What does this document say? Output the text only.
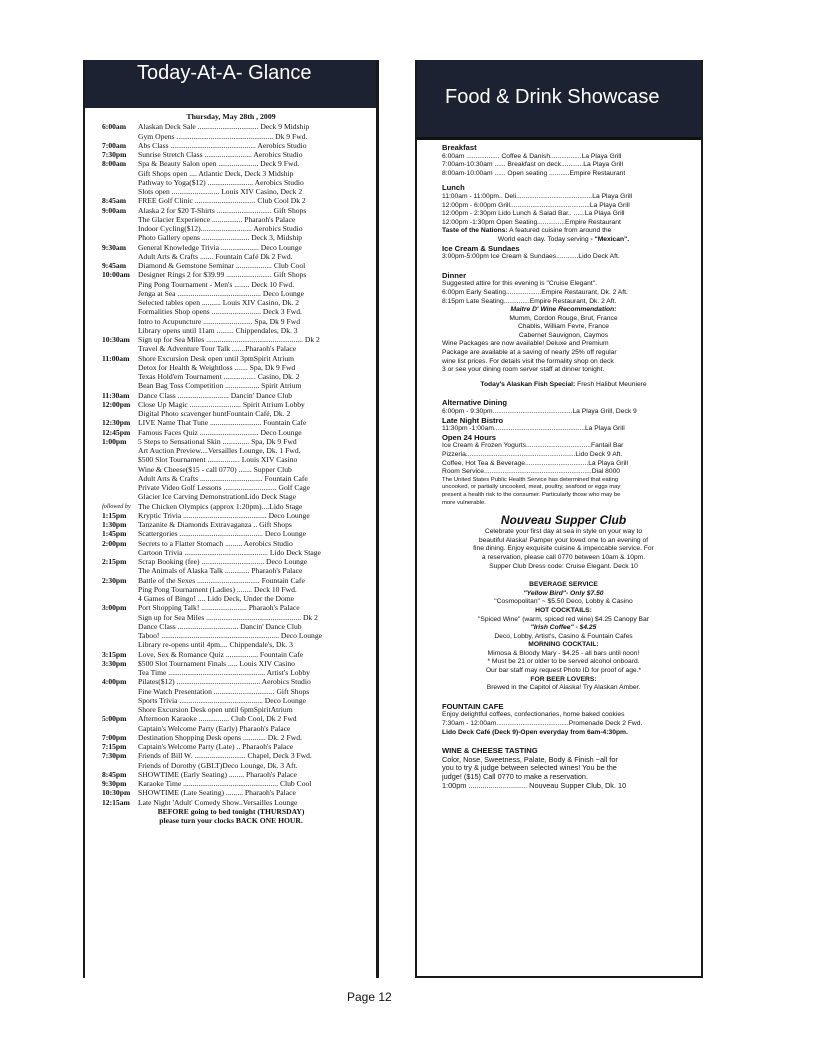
Today-At-A- Glance
Thursday, May 28th , 2009
6:00am	Alaskan Deck Sale ................................ Deck 9 Midship
Gym Opens ................................................... Dk 9 Fwd.
7:00am	Abs Class ............................................. Aerobics Studio
7:30pm	Sunrise Stretch Class ......................... Aerobics Studio
8:00am	Spa & Beauty Salon open ..................... Deck 9 Fwd.
Gift Shops open .... Atlantic Deck, Deck 3 Midship
Pathway to Yoga($12) ........................ Aerobics Studio
Slots open ......................... Louis XIV Casino, Deck 2
8:45am	FREE Golf Clinic ................................ Club Cool Dk 2
9:00am	Alaska 2 for $20 T-Shirts ............................. Gift Shops
The Glacier Experience ................ Pharaoh's Palace
Indoor Cycling($12)........................... Aerobics Studio
Photo Gallery opens ......................... Deck 3, Midship
9:30am	General Knowledge Trivia .................... Deco Lounge
Adult Arts & Crafts ....... Fountain Café Dk 2 Fwd.
9:45am	Diamond & Gemstone Seminar ................... Club Cool
10:00am	Designer Rings 2 for $39.99 ........................ Gift Shops
Ping Pong Tournament - Men's ........ Deck 10 Fwd.
Jenga at Sea ............................................ Deco Lounge
Selected tables open .......... Louis XIV Casino, Dk. 2
Formalities Shop opens .......................... Deck 3 Fwd.
Intro to Acupuncture .......................... Spa, Dk 9 Fwd
Library opens until 11am ......... Chippendales, Dk. 3
10:30am	Sign up for Sea Miles ................................................... Dk 2
Travel & Adventure Tour Talk .......Pharaoh's Palace
11:00am	Shore Excursion Desk open until 3pmSpirit Atrium
Detox for Health & Weightloss ....... Spa, Dk 9 Fwd
Texas Hold'em Tournament ................. Casino, Dk. 2
Bean Bag Toss Competition .................. Spirit Atrium
11:30am	Dance Class ........................... Dancin' Dance Club
12:00pm	Close Up Magic ........................... Spirit Atrium Lobby
Digital Photo scavenger huntFountain Café, Dk. 2
12:30pm	LIVE Name That Tune ........................... Fountain Cafe
12:45pm	Famous Faces Quiz ............................... Deco Lounge
1:00pm	5 Steps to Sensational Skin .............. Spa, Dk 9 Fwd
Art Auction Preview....Versailles Lounge, Dk. 1 Fwd.
$500 Slot Tournament ................. Louis XIV Casino
Wine & Cheese($15 - call 0770) ....... Supper Club
Adult Arts & Crafts ................................. Fountain Cafe
Private Video Golf Lessons ............................ Golf Cage
Glacier Ice Carving DemonstrationLido Deck Stage
followed by The Chicken Olympics (approx 1:20pm)....Lido Stage
1:15pm	Kryptic Trivia ............................................ Deco Lounge
1:30pm	Tanzanite & Diamonds Extravaganza .. Gift Shops
1:45pm	Scattergories ............................................ Deco Lounge
2:00pm	Secrets to a Flatter Stomach ......... Aerobics Studio
Cartoon Trivia ............................................ Lido Deck Stage
2:15pm	Scrap Booking (fee) ................................. Deco Lounge
The Animals of Alaska Talk ............. Pharaoh's Palace
2:30pm	Battle of the Sexes ................................. Fountain Cafe
Ping Pong Tournament (Ladies) ........ Deck 10 Fwd.
4 Games of Bingo! .... Lido Deck, Under the Dome
3:00pm	Port Shopping Talk! ........................ Pharaoh's Palace
Sign up for Sea Miles .................................................. Dk 2
Dance Class ................................ Dancin' Dance Club
Taboo! .............................................................. Deco Lounge
Library re-opens until 4pm.... Chippendale's, Dk. 3
3:15pm	Love, Sex & Romance Quiz ................. Fountain Cafe
3:30pm	$500 Slot Tournament Finals ..... Louis XIV Casino
Tea Time ................................................... Artist's Lobby
4:00pm	Pilates($12) ............................................ Aerobics Studio
Fine Watch Presentation ................................ Gift Shops
Sports Trivia ............................................ Deco Lounge
Shore Excursion Desk open until 6pmSpiritAtrium
5:00pm	Afternoon Karaoke ................ Club Cool, Dk 2 Fwd
Captain's Welcome Party (Early) Pharaoh's Palace
7:00pm	Destination Shopping Desk opens ............ Dk. 2 Fwd.
7:15pm	Captain's Welcome Party (Late) .. Pharaoh's Palace
7:30pm	Friends of Bill W. ........................... Chapel, Deck 3 Fwd.
Friends of Dorothy (GBLT)Deco Lounge, Dk. 3 Aft.
8:45pm	SHOWTIME (Early Seating) ........ Pharaoh's Palace
9:30pm	Karaoke Time .................................................. Club Cool
10:30pm	SHOWTIME (Late Seating) ......... Pharaoh's Palace
12:15am	Late Night 'Adult' Comedy Show..Versailles Lounge
BEFORE going to bed tonight (THURSDAY)
please turn your clocks BACK ONE HOUR.
Food & Drink Showcase
Breakfast
6:00am .................. Coffee & Danish.................La Playa Grill
7:00am-10:30am ...... Breakfast on deck............La Playa Grill
8:00am-10:00am ...... Open seating ...........Empire Restaurant
Lunch
11:00am - 11:00pm.. Deli.........................................La Playa Grill
12:00pm - 6:00pm Grill...........................................La Playa Grill
12:00pm - 2:30pm Lido Lunch & Salad Bar.. ......La Playa Grill
12:00pm -1:30pm Open Seating...............Empire Restaurant
Taste of the Nations: A featured cuisine from around the
World each day. Today serving - "Mexican".
Ice Cream & Sundaes
3:00pm-5:00pm Ice Cream & Sundaes............Lido Deck Aft.
Dinner
Suggested attire for this evening is "Cruise Elegant".
6:00pm Early Seating...................Empire Restaurant, Dk. 2 Aft.
8:15pm Late Seating..............Empire Restaurant, Dk. 2 Aft.
Maitre D' Wine Recommendation:
Mumm, Cordon Rouge, Brut, France
Chablis, William Fevre, France
Cabernet Sauvignon, Caymos
Wine Packages are now available! Deluxe and Premium
Package are available at a saving of nearly 25% off regular
wine list prices. For details visit the formality shop on deck
3 or see your dining room server staff at dinner tonight.
Today's Alaskan Fish Special: Fresh Halibut Meuniere
Alternative Dining
6:00pm - 9:30pm...........................................La Playa Grill, Deck 9
Late Night Bistro
11:30pm -1:00am.................................................La Playa Grill
Open 24 Hours
Ice Cream & Frozen Yogurts...................................Fantail Bar
Pizzeria...........................................................Lido Deck 9 Aft.
Coffee, Hot Tea & Beverage..................................La Playa Grill
Room Service..........................................................Dial 8000
The United States Public Health Service has determined that eating
uncooked, or partially uncooked, meat, poultry, seafood or eggs may
present a health risk to the consumer. Particularly those who may be
more vulnerable.
Nouveau Supper Club
Celebrate your first day at sea in style on your way to
beautiful Alaska! Pamper your loved one to an evening of
fine dining. Enjoy exquisite cuisine & impeccable service. For
a reservation, please call 0770 between 10am & 10pm.
Supper Club Dress code: Cruise Elegant. Deck 10
BEVERAGE SERVICE
"Yellow Bird"- Only $7.50
"Cosmopolitan" ~ $5.50 Deco, Lobby & Casino
HOT COCKTAILS:
"Spiced Wine" (warm, spiced red wine) $4.25 Canopy Bar
"Irish Coffee" - $4.25
Deco, Lobby, Artist's, Casino & Fountain Cafes
MORNING COCKTAIL:
Mimosa & Bloody Mary - $4.25 - all bars until noon!
* Must be 21 or older to be served alcohol onboard.
Our bar staff may request Photo ID for proof of age.*
FOR BEER LOVERS:
Brewed in the Capitol of Alaska! Try Alaskan Amber.
FOUNTAIN CAFE
Enjoy delightful coffees, confectionaries, home baked cookies
7:30am - 12:00am.......................................Promenade Deck 2 Fwd.
Lido Deck Café (Deck 9)-Open everyday from 6am-4:30pm.
WINE & CHEESE TASTING
Color, Nose, Sweetness, Palate, Body & Finish ~all for
you to try & judge between selected wines! You be the
judge! ($15) Call 0770 to make a reservation.
1:00pm ............................. Nouveau Supper Club, Dk. 10
Page 12
